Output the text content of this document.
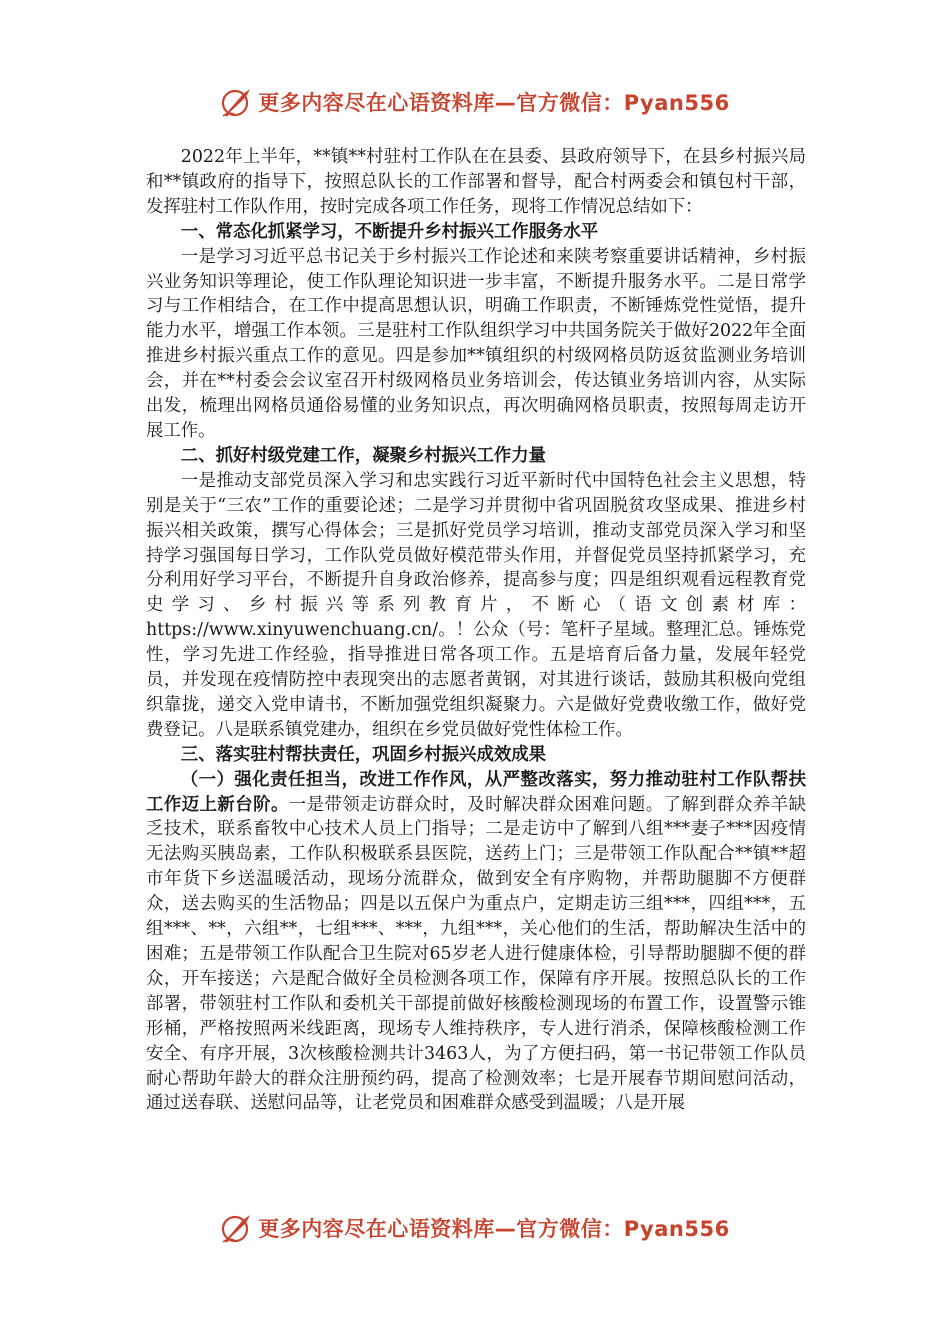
更多内容尽在心语资料库—官方微信：Pyan556

2022年上半年，**镇**村驻村工作队在在县委、县政府领导下，在县乡村振兴局和**镇政府的指导下，按照总队长的工作部署和督导，配合村两委会和镇包村干部，发挥驻村工作队作用，按时完成各项工作任务，现将工作情况总结如下：

一、常态化抓紧学习，不断提升乡村振兴工作服务水平

一是学习习近平总书记关于乡村振兴工作论述和来陕考察重要讲话精神，乡村振兴业务知识等理论，使工作队理论知识进一步丰富，不断提升服务水平。二是日常学习与工作相结合，在工作中提高思想认识，明确工作职责，不断锤炼党性觉悟，提升能力水平，增强工作本领。三是驻村工作队组织学习中共国务院关于做好2022年全面推进乡村振兴重点工作的意见。四是参加**镇组织的村级网格员防返贫监测业务培训会，并在**村委会会议室召开村级网格员业务培训会，传达镇业务培训内容，从实际出发，梳理出网格员通俗易懂的业务知识点，再次明确网格员职责，按照每周走访开展工作。

二、抓好村级党建工作，凝聚乡村振兴工作力量

一是推动支部党员深入学习和忠实践行习近平新时代中国特色社会主义思想，特别是关于“三农”工作的重要论述；二是学习并贯彻中省巩固脱贫攻坚成果、推进乡村振兴相关政策，撰写心得体会；三是抓好党员学习培训，推动支部党员深入学习和坚持学习强国每日学习，工作队党员做好模范带头作用，并督促党员坚持抓紧学习，充分利用好学习平台，不断提升自身政治修养，提高参与度；四是组织观看远程教育党史学习、乡村振兴等系列教育片，不断心（语文创素材库：https://www.xinyuwenchuang.cn/。！公众（号：笔杆子星域。整理汇总。锤炼党性，学习先进工作经验，指导推进日常各项工作。五是培育后备力量，发展年轻党员，并发现在疫情防控中表现突出的志愿者黄钢，对其进行谈话，鼓励其积极向党组织靠拢，递交入党申请书，不断加强党组织凝聚力。六是做好党费收缴工作，做好党费登记。八是联系镇党建办，组织在乡党员做好党性体检工作。

三、落实驻村帮扶责任，巩固乡村振兴成效成果

（一）强化责任担当，改进工作作风，从严整改落实，努力推动驻村工作队帮扶工作迈上新台阶。一是带领走访群众时，及时解决群众困难问题。了解到群众养羊缺乏技术，联系畜牧中心技术人员上门指导；二是走访中了解到八组***妻子***因疫情无法购买胰岛素，工作队积极联系县医院，送药上门；三是带领工作队配合**镇**超市年货下乡送温暖活动，现场分流群众，做到安全有序购物，并帮助腿脚不方便群众，送去购买的生活物品；四是以五保户为重点户，定期走访三组***，四组***，五组***、**，六组**，七组***、***，九组***，关心他们的生活，帮助解决生活中的困难；五是带领工作队配合卫生院对65岁老人进行健康体检，引导帮助腿脚不便的群众，开车接送；六是配合做好全员检测各项工作，保障有序开展。按照总队长的工作部署，带领驻村工作队和委机关干部提前做好核酸检测现场的布置工作，设置警示锥形桶，严格按照两米线距离，现场专人维持秩序，专人进行消杀，保障核酸检测工作安全、有序开展，3次核酸检测共计3463人，为了方便扫码，第一书记带领工作队员耐心帮助年龄大的群众注册预约码，提高了检测效率；七是开展春节期间慰问活动，通过送春联、送慰问品等，让老党员和困难群众感受到温暖；八是开展

更多内容尽在心语资料库—官方微信：Pyan556
